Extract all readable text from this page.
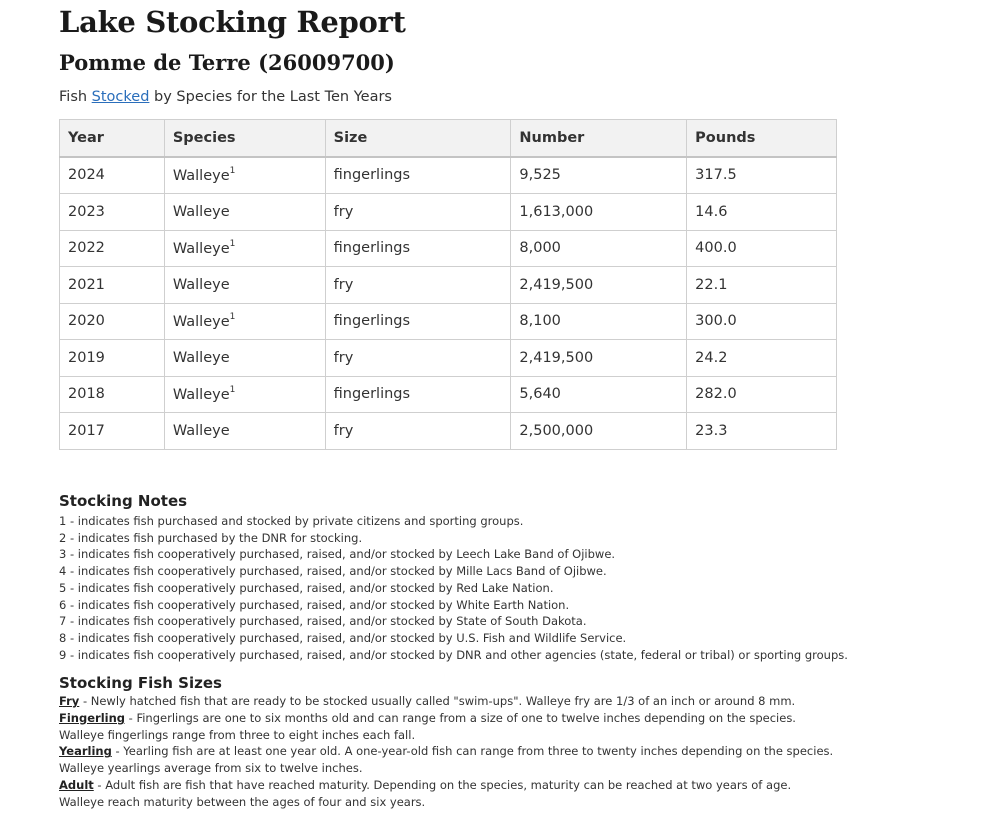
Lake Stocking Report
Pomme de Terre (26009700)
Fish Stocked by Species for the Last Ten Years
Year	Species	Size	Number	Pounds
2024	Walleye$^1$	fingerlings	9,525	317.5
2023	Walleye	fry	1,613,000	14.6
2022	Walleye$^1$	fingerlings	8,000	400.0
2021	Walleye	fry	2,419,500	22.1
2020	Walleye$^1$	fingerlings	8,100	300.0
2019	Walleye	fry	2,419,500	24.2
2018	Walleye$^1$	fingerlings	5,640	282.0
2017	Walleye	fry	2,500,000	23.3
Stocking Notes
1 - indicates fish purchased and stocked by private citizens and sporting groups.
2 - indicates fish purchased by the DNR for stocking.
3 - indicates fish cooperatively purchased, raised, and/or stocked by Leech Lake Band of Ojibwe.
4 - indicates fish cooperatively purchased, raised, and/or stocked by Mille Lacs Band of Ojibwe.
5 - indicates fish cooperatively purchased, raised, and/or stocked by Red Lake Nation.
6 - indicates fish cooperatively purchased, raised, and/or stocked by White Earth Nation.
7 - indicates fish cooperatively purchased, raised, and/or stocked by State of South Dakota.
8 - indicates fish cooperatively purchased, raised, and/or stocked by U.S. Fish and Wildlife Service.
9 - indicates fish cooperatively purchased, raised, and/or stocked by DNR and other agencies (state, federal or tribal) or sporting groups.
Stocking Fish Sizes
Fry - Newly hatched fish that are ready to be stocked usually called "swim-ups". Walleye fry are 1/3 of an inch or around 8 mm.
Fingerling - Fingerlings are one to six months old and can range from a size of one to twelve inches depending on the species. Walleye fingerlings range from three to eight inches each fall.
Yearling - Yearling fish are at least one year old. A one-year-old fish can range from three to twenty inches depending on the species. Walleye yearlings average from six to twelve inches.
Adult - Adult fish are fish that have reached maturity. Depending on the species, maturity can be reached at two years of age. Walleye reach maturity between the ages of four and six years.
